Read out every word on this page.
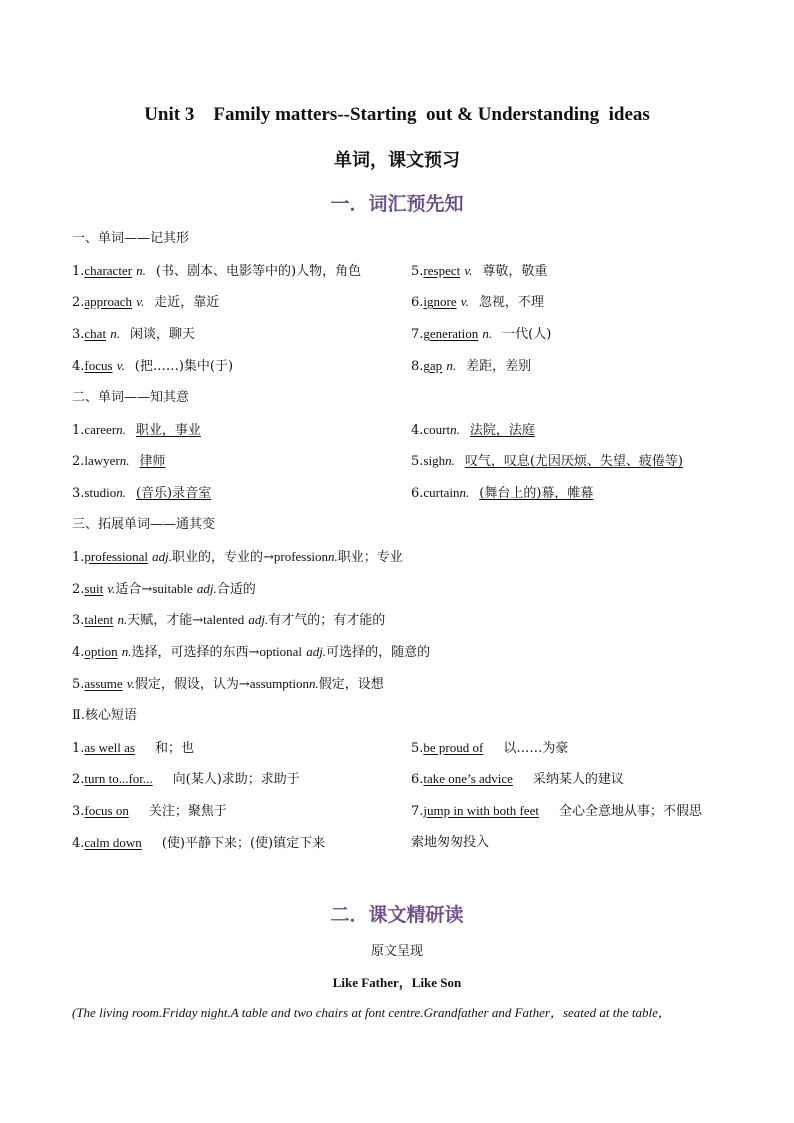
Unit 3    Family matters--Starting  out & Understanding  ideas
单词，课文预习
一．词汇预先知
一、单词——记其形
1.character n. (书、剧本、电影等中的)人物，角色
2.approach v. 走近，靠近
3.chat n. 闲谈，聊天
4.focus v. (把……)集中(于)
5.respect v. 尊敬，敬重
6.ignore v. 忽视，不理
7.generation n. 一代(人)
8.gap n. 差距，差别
二、单词——知其意
1.careern. 职业，事业
2.lawyern. 律师
3.studion. (音乐)录音室
4.courtn. 法院，法庭
5.sighn. 叹气，叹息(尤因厌烦、失望、疲倦等)
6.curtainn. (舞台上的)幕，帷幕
三、拓展单词——通其变
1.professional adj.职业的，专业的→professionn.职业；专业
2.suit v.适合→suitable adj.合适的
3.talent n.天赋，才能→talented adj.有才气的；有才能的
4.option n.选择，可选择的东西→optional adj.可选择的，随意的
5.assume v.假定，假设，认为→assumptionn.假定，设想
Ⅱ.核心短语
1.as well as 和；也
2.turn to...for... 向(某人)求助；求助于
3.focus on 关注；聚焦于
4.calm down (使)平静下来；(使)镇定下来
5.be proud of 以……为豪
6.take one’s advice 采纳某人的建议
7.jump in with both feet 全心全意地从事；不假思
索地匆匆投入
二．课文精研读
原文呈现
Like Father，Like Son
(The living room.Friday night.A table and two chairs at font centre.Grandfather and Father，seated at the table，
